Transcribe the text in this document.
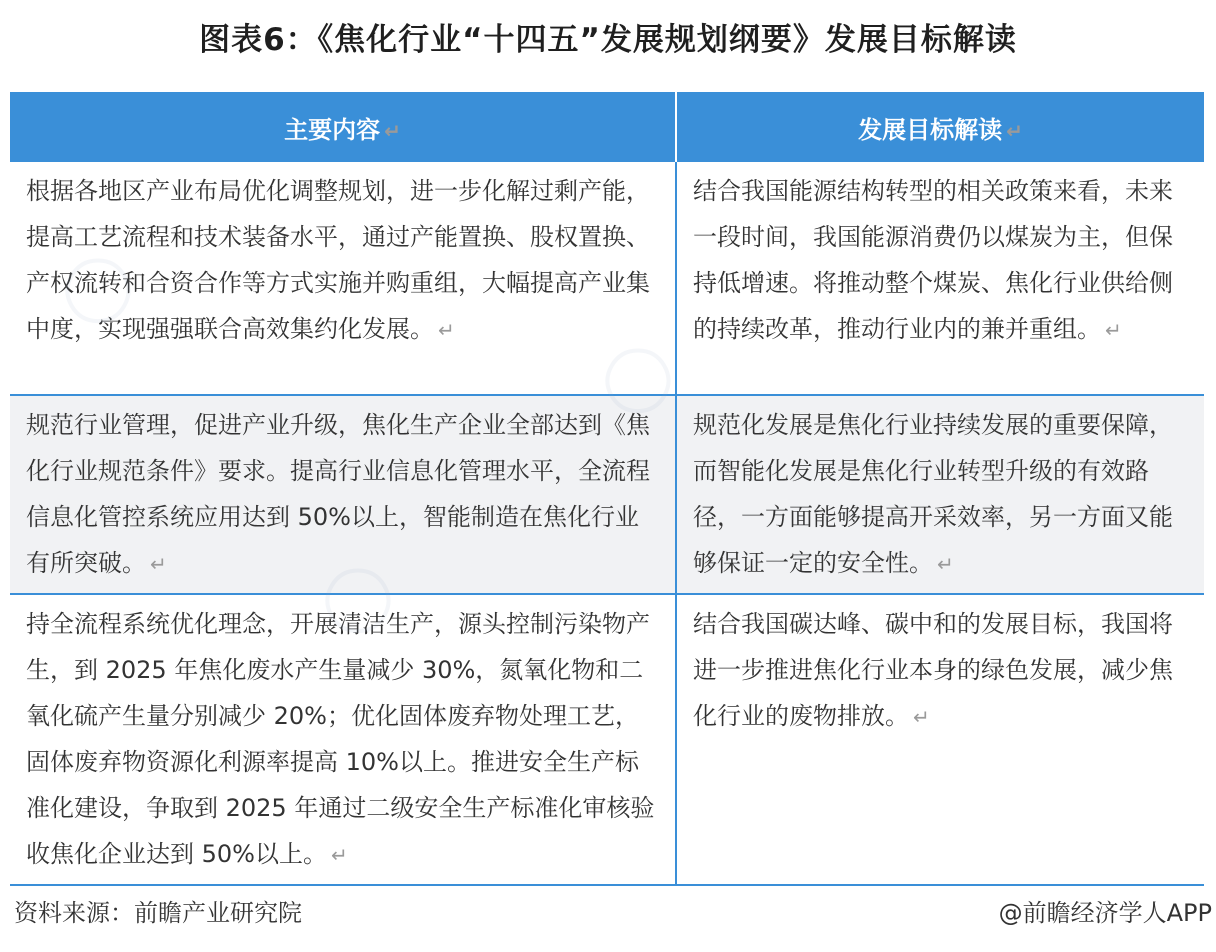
图表6：《焦化行业“十四五”发展规划纲要》发展目标解读
主要内容 ↵	发展目标解读 ↵
根据各地区产业布局优化调整规划，进一步化解过剩产能，提高工艺流程和技术装备水平，通过产能置换、股权置换、产权流转和合资合作等方式实施并购重组，大幅提高产业集中度，实现强强联合高效集约化发展。 ↵	结合我国能源结构转型的相关政策来看，未来一段时间，我国能源消费仍以煤炭为主，但保持低增速。将推动整个煤炭、焦化行业供给侧的持续改革，推动行业内的兼并重组。 ↵
规范行业管理，促进产业升级，焦化生产企业全部达到《焦化行业规范条件》要求。提高行业信息化管理水平，全流程信息化管控系统应用达到 50%以上，智能制造在焦化行业有所突破。 ↵	规范化发展是焦化行业持续发展的重要保障，而智能化发展是焦化行业转型升级的有效路径，一方面能够提高开采效率，另一方面又能够保证一定的安全性。 ↵
持全流程系统优化理念，开展清洁生产，源头控制污染物产生，到 2025 年焦化废水产生量减少 30%，氮氧化物和二氧化硫产生量分别减少 20%；优化固体废弃物处理工艺，固体废弃物资源化利源率提高 10%以上。推进安全生产标准化建设，争取到 2025 年通过二级安全生产标准化审核验收焦化企业达到 50%以上。 ↵	结合我国碳达峰、碳中和的发展目标，我国将进一步推进焦化行业本身的绿色发展，减少焦化行业的废物排放。 ↵
◯
◯
◯
资料来源：前瞻产业研究院	@前瞻经济学人APP
